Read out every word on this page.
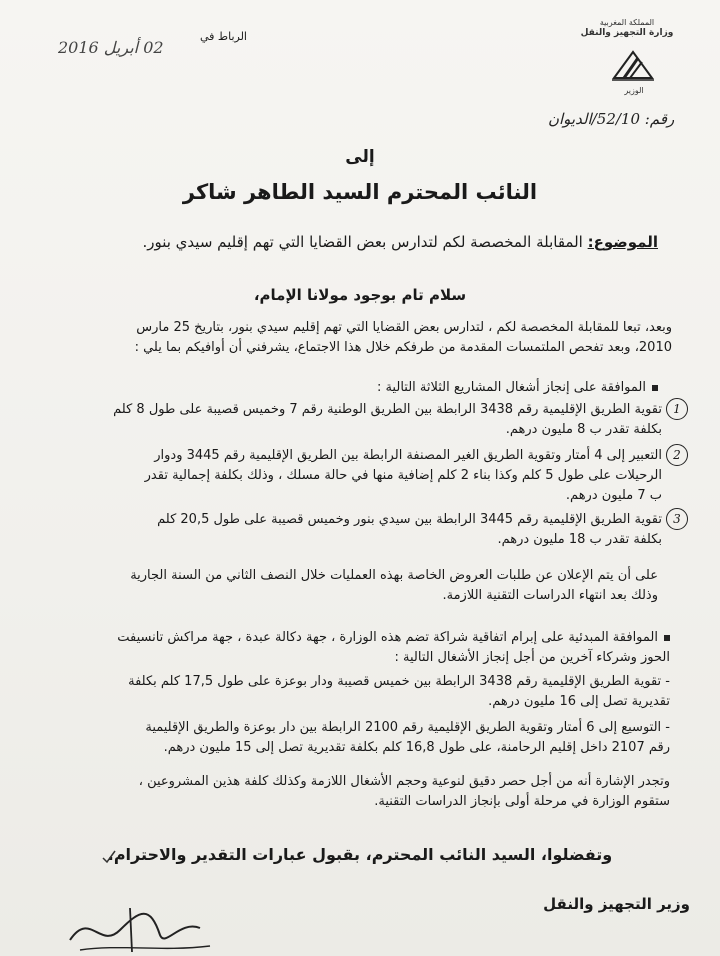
المملكة المغربية
وزارة التجهيز والنقل
الوزير
الرباط في
02 أبريل 2016
رقم: 52/10/الديوان
إلى
النائب المحترم السيد الطاهر شاكر
الموضوع: المقابلة المخصصة لكم لتدارس بعض القضايا التي تهم إقليم سيدي بنور.
سلام تام بوجود مولانا الإمام،
وبعد، تبعا للمقابلة المخصصة لكم ، لتدارس بعض القضايا التي تهم إقليم سيدي بنور، بتاريخ 25 مارس
2010، وبعد تفحص الملتمسات المقدمة من طرفكم خلال هذا الاجتماع، يشرفني أن أوافيكم بما يلي :
الموافقة على إنجاز أشغال المشاريع الثلاثة التالية :
1
تقوية الطريق الإقليمية رقم 3438 الرابطة بين الطريق الوطنية رقم 7 وخميس قصيبة على طول 8 كلم
بكلفة تقدر ب 8 مليون درهم.
2
التعبير إلى 4 أمتار وتقوية الطريق الغير المصنفة الرابطة بين الطريق الإقليمية رقم 3445 ودوار
الرحيلات على طول 5 كلم وكذا بناء 2 كلم إضافية منها في حالة مسلك ، وذلك بكلفة إجمالية تقدر
ب 7 مليون درهم.
3
تقوية الطريق الإقليمية رقم 3445 الرابطة بين سيدي بنور وخميس قصيبة على طول 20,5 كلم
بكلفة تقدر ب 18 مليون درهم.
على أن يتم الإعلان عن طلبات العروض الخاصة بهذه العمليات خلال النصف الثاني من السنة الجارية
وذلك بعد انتهاء الدراسات التقنية اللازمة.
الموافقة المبدئية على إبرام اتفاقية شراكة تضم هذه الوزارة ، جهة دكالة عبدة ، جهة مراكش تانسيفت
الحوز وشركاء آخرين من أجل إنجاز الأشغال التالية :
- تقوية الطريق الإقليمية رقم 3438 الرابطة بين خميس قصيبة ودار بوعزة على طول 17,5 كلم بكلفة
تقديرية تصل إلى 16 مليون درهم.
- التوسيع إلى 6 أمتار وتقوية الطريق الإقليمية رقم 2100 الرابطة بين دار بوعزة والطريق الإقليمية
رقم 2107 داخل إقليم الرحامنة، على طول 16,8 كلم بكلفة تقديرية تصل إلى 15 مليون درهم.
وتجدر الإشارة أنه من أجل حصر دقيق لنوعية وحجم الأشغال اللازمة وكذلك كلفة هذين المشروعين ،
ستقوم الوزارة في مرحلة أولى بإنجاز الدراسات التقنية.
وتفضلوا، السيد النائب المحترم، بقبول عبارات التقدير والاحترام.
وزير التجهيز والنقل
